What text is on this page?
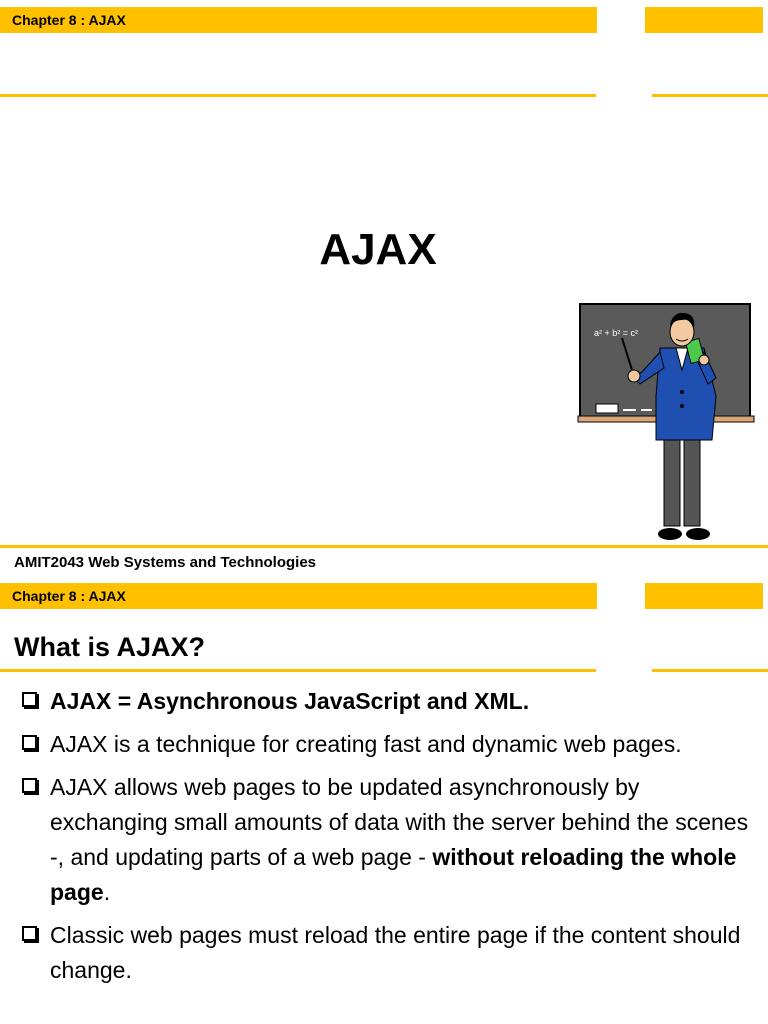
Chapter 8 : AJAX
AJAX
a² + b² = c²
AMIT2043 Web Systems and Technologies
Chapter 8 : AJAX
What is AJAX?
AJAX = Asynchronous JavaScript and XML.
AJAX is a technique for creating fast and dynamic web pages.
AJAX allows web pages to be updated asynchronously by exchanging small amounts of data with the server behind the scenes -, and updating parts of a web page - without reloading the whole page.
Classic web pages must reload the entire page if the content should change.
